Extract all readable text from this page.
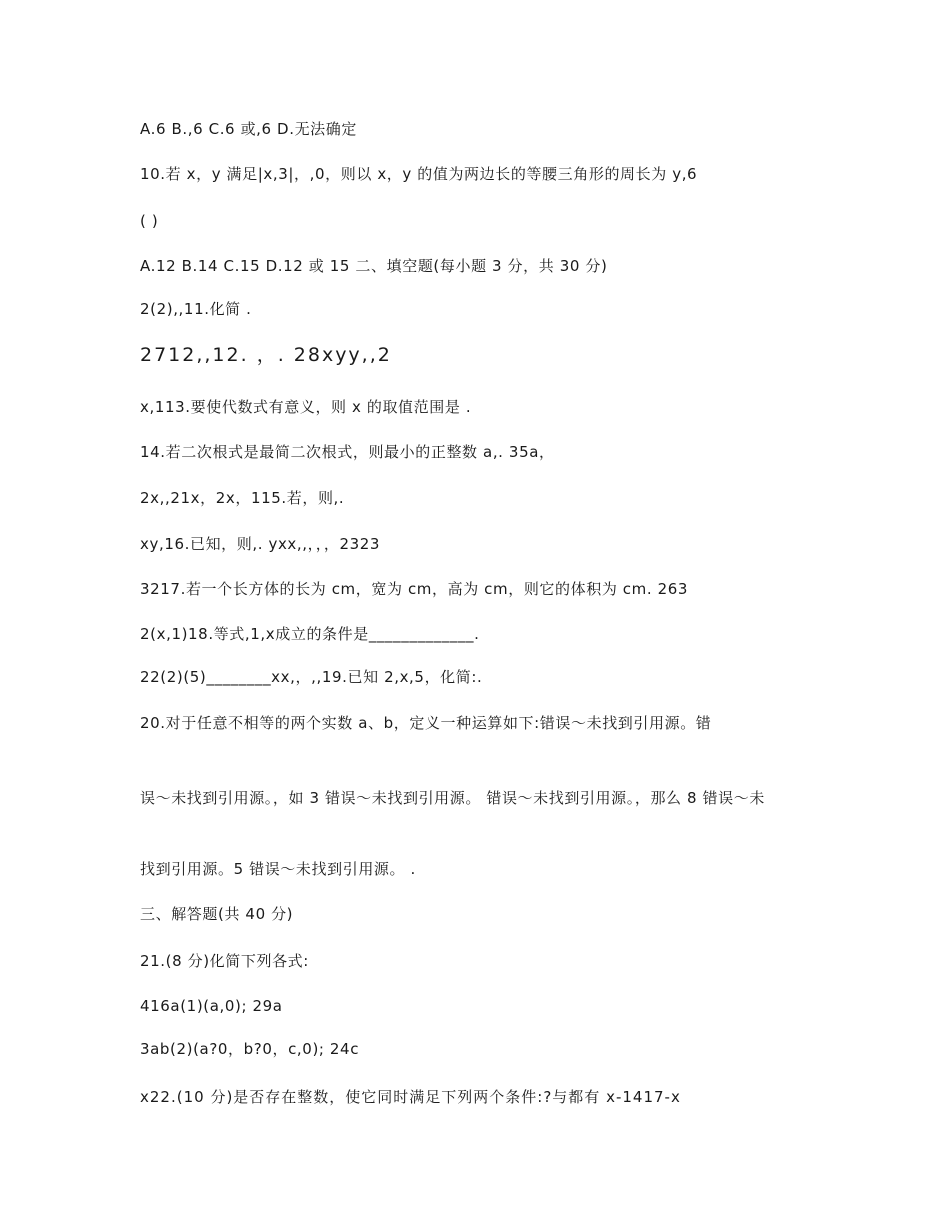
A.6 B.,6 C.6 或,6 D.无法确定
10.若 x，y 满足|x,3|，,0，则以 x，y 的值为两边长的等腰三角形的周长为 y,6
( )
A.12 B.14 C.15 D.12 或 15 二、填空题(每小题 3 分，共 30 分)
2(2),,11.化简 .
2712,,12. ，. 28xyy,,2
x,113.要使代数式有意义，则 x 的取值范围是 .
14.若二次根式是最简二次根式，则最小的正整数 a,. 35a，
2x,,21x，2x，115.若，则,.
xy,16.已知，则,. yxx,,，，，2323
3217.若一个长方体的长为 cm，宽为 cm，高为 cm，则它的体积为 cm. 263
2(x,1)18.等式,1,x成立的条件是_____________.
22(2)(5)________xx,，,,19.已知 2,x,5，化简:.
20.对于任意不相等的两个实数 a、b，定义一种运算如下:错误～未找到引用源。错
误～未找到引用源。，如 3 错误～未找到引用源。 错误～未找到引用源。，那么 8 错误～未
找到引用源。5 错误～未找到引用源。 .
三、解答题(共 40 分)
21.(8 分)化简下列各式:
416a(1)(a,0); 29a
3ab(2)(a?0，b?0，c,0); 24c
x22.(10 分)是否存在整数，使它同时满足下列两个条件:?与都有 x-1417-x
